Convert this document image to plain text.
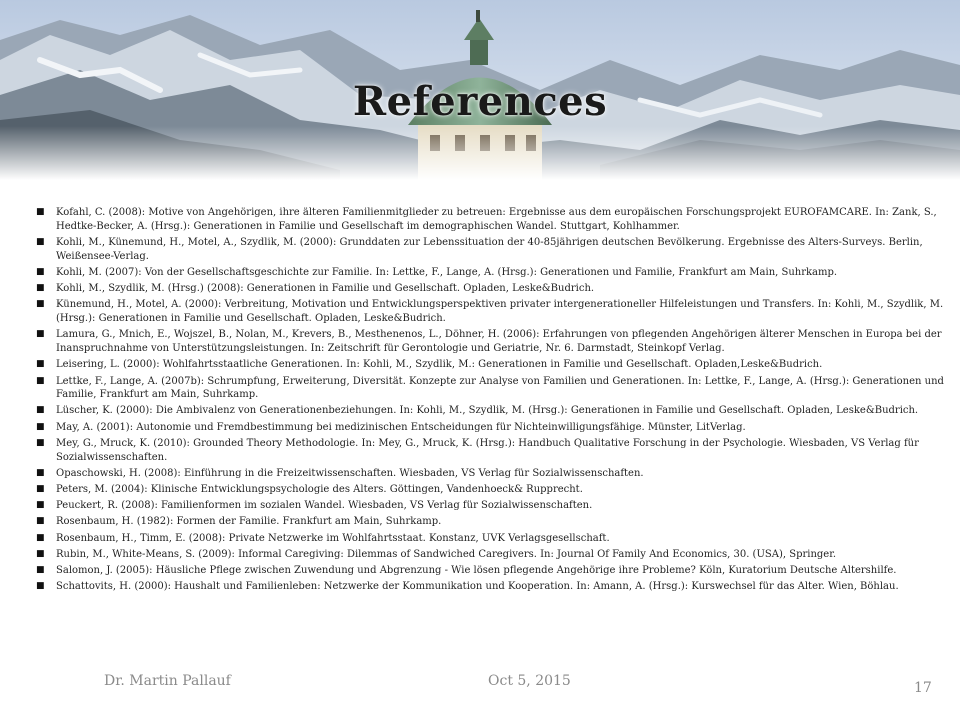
References
■ Kofahl, C. (2008): Motive von Angehörigen, ihre älteren Familienmitglieder zu betreuen: Ergebnisse aus dem europäischen Forschungsprojekt EUROFAMCARE. In: Zank, S., Hedtke-Becker, A. (Hrsg.): Generationen in Familie und Gesellschaft im demographischen Wandel. Stuttgart, Kohlhammer.
■ Kohli, M., Künemund, H., Motel, A., Szydlik, M. (2000): Grunddaten zur Lebenssituation der 40-85jährigen deutschen Bevölkerung. Ergebnisse des Alters-Surveys. Berlin, Weißensee-Verlag.
■ Kohli, M. (2007): Von der Gesellschaftsgeschichte zur Familie. In: Lettke, F., Lange, A. (Hrsg.): Generationen und Familie, Frankfurt am Main, Suhrkamp.
■ Kohli, M., Szydlik, M. (Hrsg.) (2008): Generationen in Familie und Gesellschaft. Opladen, Leske&Budrich.
■ Künemund, H., Motel, A. (2000): Verbreitung, Motivation und Entwicklungsperspektiven privater intergenerationeller Hilfeleistungen und Transfers. In: Kohli, M., Szydlik, M. (Hrsg.): Generationen in Familie und Gesellschaft. Opladen, Leske&Budrich.
■ Lamura, G., Mnich, E., Wojszel, B., Nolan, M., Krevers, B., Mesthenenos, L., Döhner, H. (2006): Erfahrungen von pflegenden Angehörigen älterer Menschen in Europa bei der Inanspruchnahme von Unterstützungsleistungen. In: Zeitschrift für Gerontologie und Geriatrie, Nr. 6. Darmstadt, Steinkopf Verlag.
■ Leisering, L. (2000): Wohlfahrtsstaatliche Generationen. In: Kohli, M., Szydlik, M.: Generationen in Familie und Gesellschaft. Opladen,Leske&Budrich.
■ Lettke, F., Lange, A. (2007b): Schrumpfung, Erweiterung, Diversität. Konzepte zur Analyse von Familien und Generationen. In: Lettke, F., Lange, A. (Hrsg.): Generationen und Familie, Frankfurt am Main, Suhrkamp.
■ Lüscher, K. (2000): Die Ambivalenz von Generationenbeziehungen. In: Kohli, M., Szydlik, M. (Hrsg.): Generationen in Familie und Gesellschaft. Opladen, Leske&Budrich.
■ May, A. (2001): Autonomie und Fremdbestimmung bei medizinischen Entscheidungen für Nichteinwilligungsfähige. Münster, LitVerlag.
■ Mey, G., Mruck, K. (2010): Grounded Theory Methodologie. In: Mey, G., Mruck, K. (Hrsg.): Handbuch Qualitative Forschung in der Psychologie. Wiesbaden, VS Verlag für Sozialwissenschaften.
■ Opaschowski, H. (2008): Einführung in die Freizeitwissenschaften. Wiesbaden, VS Verlag für Sozialwissenschaften.
■ Peters, M. (2004): Klinische Entwicklungspsychologie des Alters. Göttingen, Vandenhoeck& Rupprecht.
■ Peuckert, R. (2008): Familienformen im sozialen Wandel. Wiesbaden, VS Verlag für Sozialwissenschaften.
■ Rosenbaum, H. (1982): Formen der Familie. Frankfurt am Main, Suhrkamp.
■ Rosenbaum, H., Timm, E. (2008): Private Netzwerke im Wohlfahrtsstaat. Konstanz, UVK Verlagsgesellschaft.
■ Rubin, M., White-Means, S. (2009): Informal Caregiving: Dilemmas of Sandwiched Caregivers. In: Journal Of Family And Economics, 30. (USA), Springer.
■ Salomon, J. (2005): Häusliche Pflege zwischen Zuwendung und Abgrenzung - Wie lösen pflegende Angehörige ihre Probleme? Köln, Kuratorium Deutsche Altershilfe.
■ Schattovits, H. (2000): Haushalt und Familienleben: Netzwerke der Kommunikation und Kooperation. In: Amann, A. (Hrsg.): Kurswechsel für das Alter. Wien, Böhlau.
Dr. Martin Pallauf	Oct 5, 2015	17
